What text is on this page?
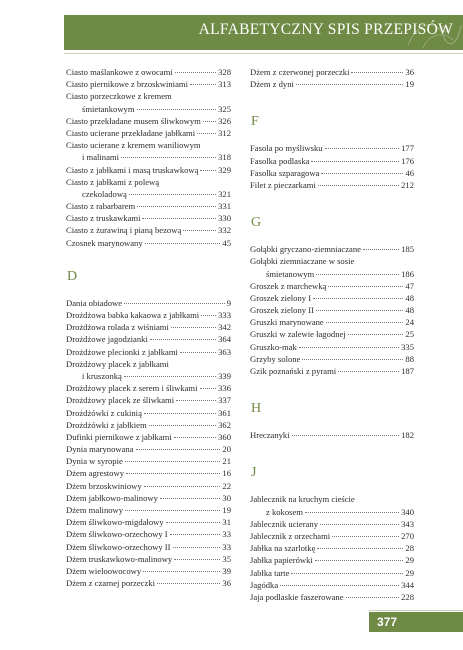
ALFABETYCZNY SPIS PRZEPISÓW
Ciasto maślankowe z owocami	328
Ciasto piernikowe z brzoskwiniami	313
Ciasto porzeczkowe z kremem
śmietankowym	325
Ciasto przekładane musem śliwkowym 326
Ciasto ucierane przekładane jabłkami	312
Ciasto ucierane z kremem waniliowym
i malinami	318
Ciasto z jabłkami i masą truskawkową 329
Ciasto z jabłkami z polewą
czekoladową	321
Ciasto z rabarbarem	331
Ciasto z truskawkami	330
Ciasto z żurawiną i pianą bezową	332
Czosnek marynowany	45
D
Dania obiadowe	9
Drożdżowa babka kakaowa z jabłkami 333
Drożdżowa rolada z wiśniami	342
Drożdżowe jagodzianki	364
Drożdżowe plecionki z jabłkami	363
Drożdżowy placek z jabłkami
i kruszonką	339
Drożdżowy placek z serem i śliwkami 336
Drożdżowy placek ze śliwkami	337
Drożdżówki z cukinią	361
Drożdżówki z jabłkiem	362
Dufinki piernikowe z jabłkami	360
Dynia marynowana	20
Dynia w syropie	21
Dżem agrestowy	16
Dżem brzoskwiniowy	22
Dżem jabłkowo-malinowy	30
Dżem malinowy	19
Dżem śliwkowo-migdałowy	31
Dżem śliwkowo-orzechowy I	33
Dżem śliwkowo-orzechowy II	33
Dżem truskawkowo-malinowy	35
Dżem wieloowocowy	39
Dżem z czarnej porzeczki	36
Dżem z czerwonej porzeczki	36
Dżem z dyni	19
F
Fasola po myśliwsku	177
Fasolka podlaska	176
Fasolka szparagowa	46
Filet z pieczarkami	212
G
Gołąbki gryczano-ziemniaczane	185
Gołąbki ziemniaczane w sosie
śmietanowym	186
Groszek z marchewką	47
Groszek zielony I	48
Groszek zielony II	48
Gruszki marynowane	24
Gruszki w zalewie łagodnej	25
Gruszko-mak	335
Grzyby solone	88
Gzik poznański z pyrami	187
H
Hreczanyki	182
J
Jablecznik na kruchym cieście
z kokosem	340
Jablecznik ucierany	343
Jablecznik z orzechami	270
Jabłka na szarlotkę	28
Jabłka papierówki	29
Jabłka tarte	29
Jagódka	344
Jaja podlaskie faszerowane	228
377
